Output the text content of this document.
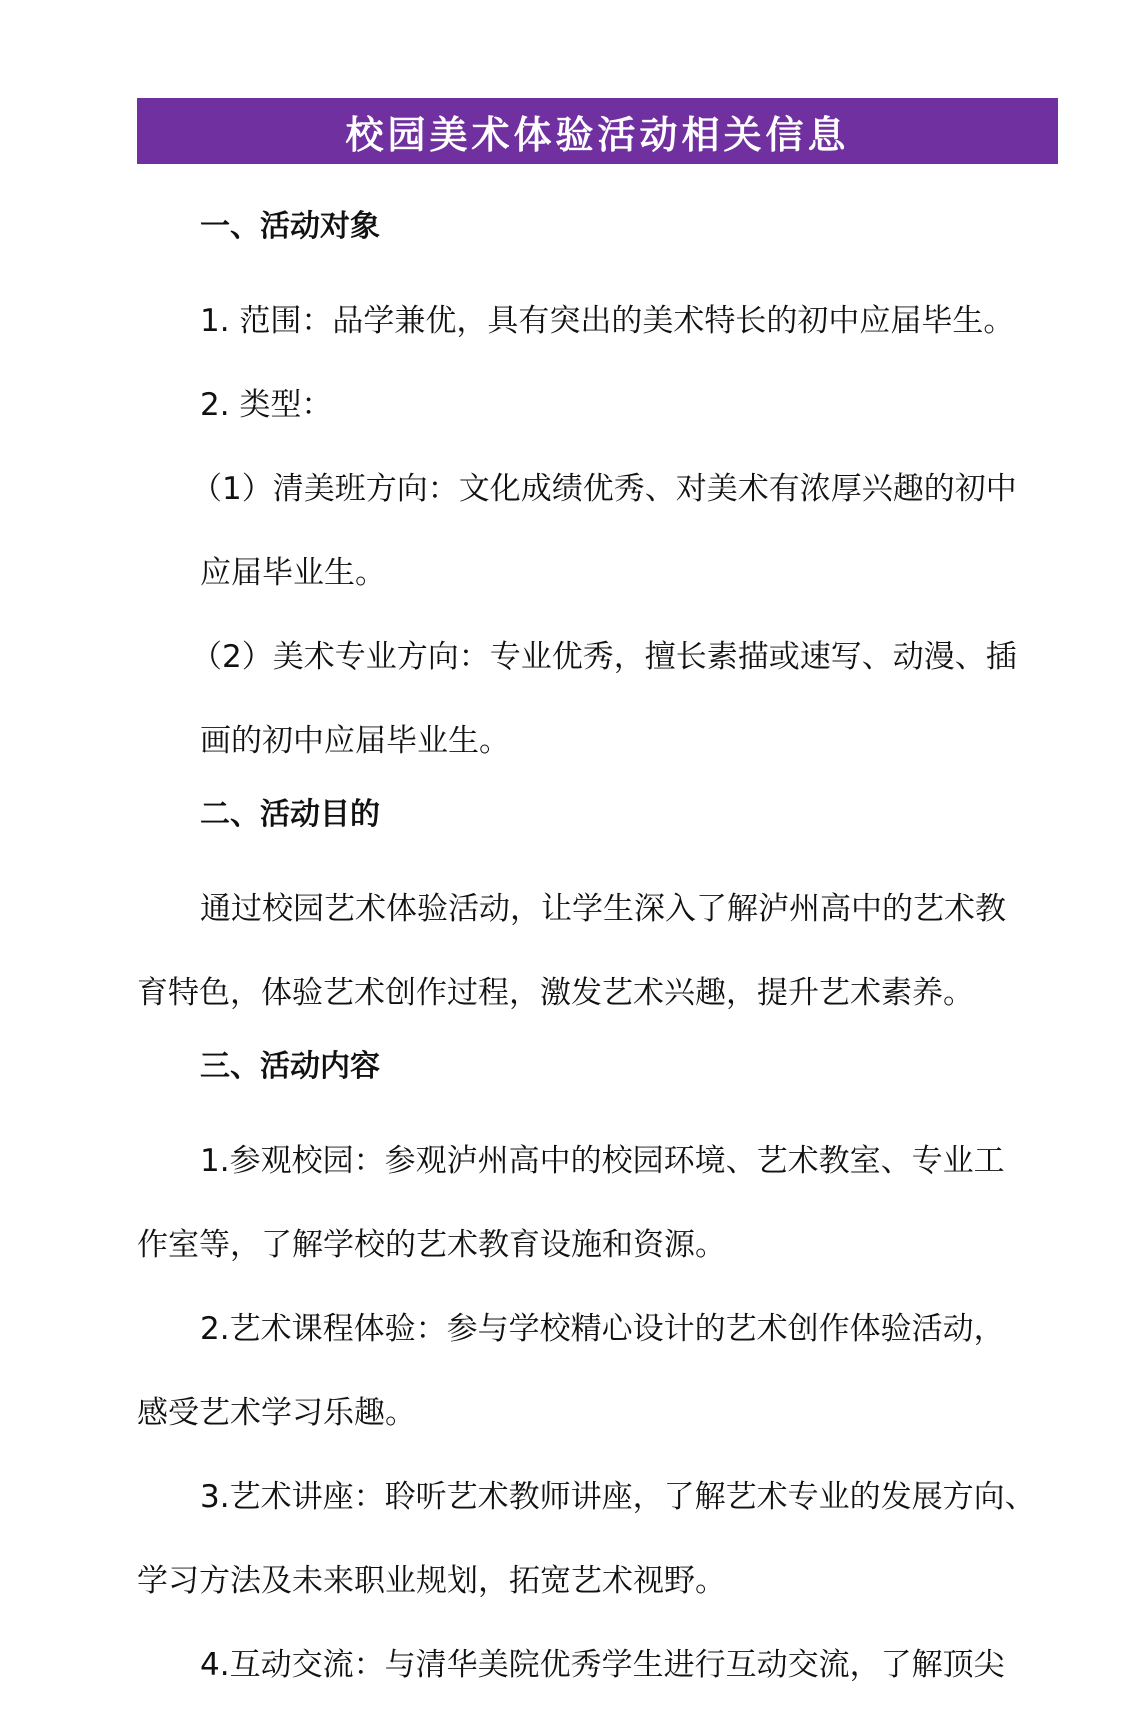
校园美术体验活动相关信息
一、活动对象
1. 范围：品学兼优，具有突出的美术特长的初中应届毕生。
2. 类型：
（1）清美班方向：文化成绩优秀、对美术有浓厚兴趣的初中
应届毕业生。
（2）美术专业方向：专业优秀，擅长素描或速写、动漫、插
画的初中应届毕业生。
二、活动目的
通过校园艺术体验活动，让学生深入了解泸州高中的艺术教
育特色，体验艺术创作过程，激发艺术兴趣，提升艺术素养。
三、活动内容
1.参观校园：参观泸州高中的校园环境、艺术教室、专业工
作室等，了解学校的艺术教育设施和资源。
2.艺术课程体验：参与学校精心设计的艺术创作体验活动，
感受艺术学习乐趣。
3.艺术讲座：聆听艺术教师讲座，了解艺术专业的发展方向、
学习方法及未来职业规划，拓宽艺术视野。
4.互动交流：与清华美院优秀学生进行互动交流，了解顶尖
